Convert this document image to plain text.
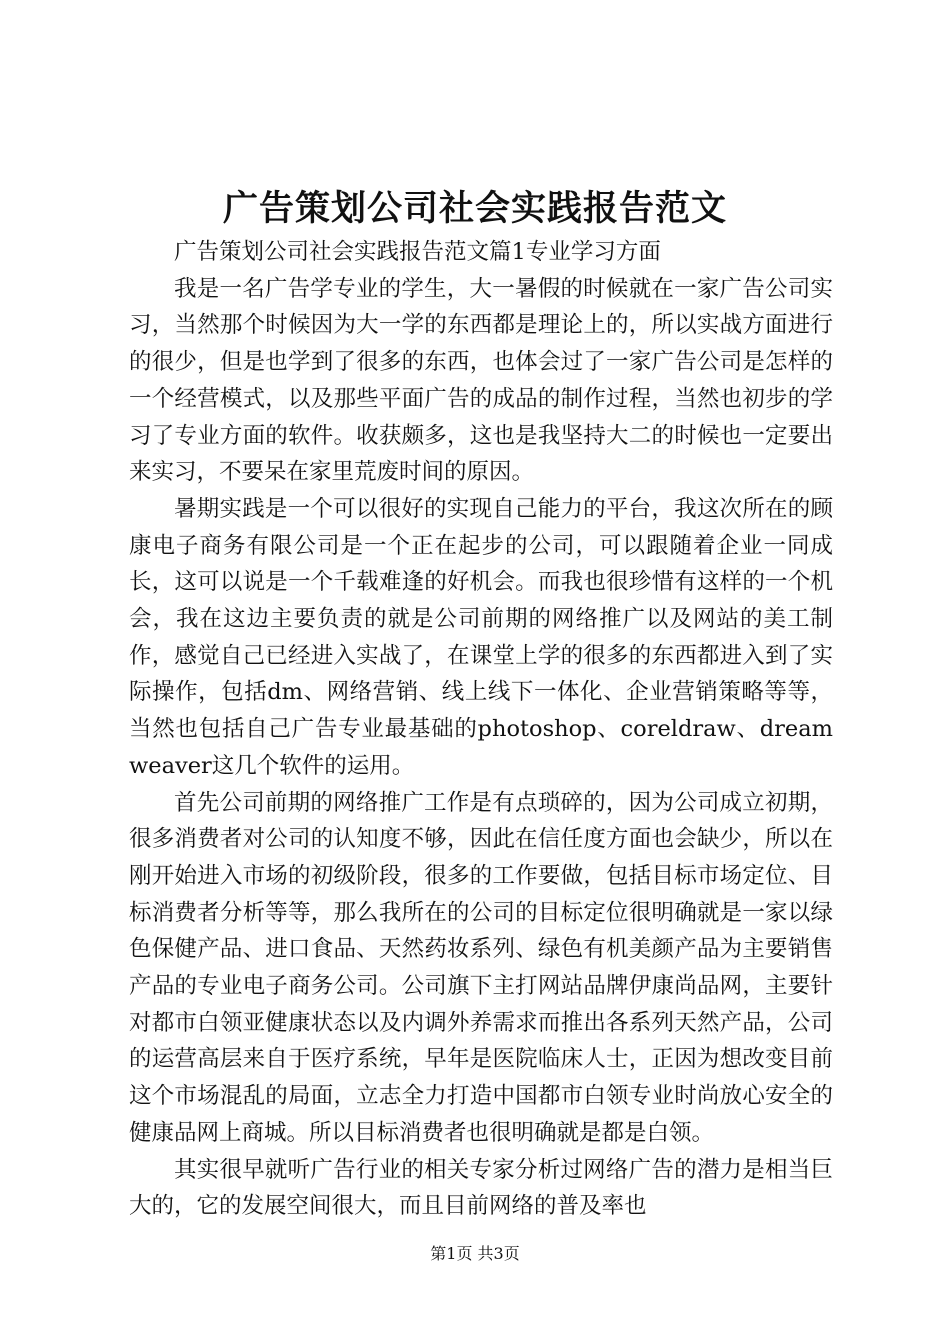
广告策划公司社会实践报告范文

广告策划公司社会实践报告范文篇1专业学习方面

我是一名广告学专业的学生，大一暑假的时候就在一家广告公司实习，当然那个时候因为大一学的东西都是理论上的，所以实战方面进行的很少，但是也学到了很多的东西，也体会过了一家广告公司是怎样的一个经营模式，以及那些平面广告的成品的制作过程，当然也初步的学习了专业方面的软件。收获颇多，这也是我坚持大二的时候也一定要出来实习，不要呆在家里荒废时间的原因。

暑期实践是一个可以很好的实现自己能力的平台，我这次所在的顾康电子商务有限公司是一个正在起步的公司，可以跟随着企业一同成长，这可以说是一个千载难逢的好机会。而我也很珍惜有这样的一个机会，我在这边主要负责的就是公司前期的网络推广以及网站的美工制作，感觉自己已经进入实战了，在课堂上学的很多的东西都进入到了实际操作，包括dm、网络营销、线上线下一体化、企业营销策略等等，当然也包括自己广告专业最基础的photoshop、coreldraw、dreamweaver这几个软件的运用。

首先公司前期的网络推广工作是有点琐碎的，因为公司成立初期，很多消费者对公司的认知度不够，因此在信任度方面也会缺少，所以在刚开始进入市场的初级阶段，很多的工作要做，包括目标市场定位、目标消费者分析等等，那么我所在的公司的目标定位很明确就是一家以绿色保健产品、进口食品、天然药妆系列、绿色有机美颜产品为主要销售产品的专业电子商务公司。公司旗下主打网站品牌伊康尚品网，主要针对都市白领亚健康状态以及内调外养需求而推出各系列天然产品，公司的运营高层来自于医疗系统，早年是医院临床人士，正因为想改变目前这个市场混乱的局面，立志全力打造中国都市白领专业时尚放心安全的健康品网上商城。所以目标消费者也很明确就是都是白领。

其实很早就听广告行业的相关专家分析过网络广告的潜力是相当巨大的，它的发展空间很大，而且目前网络的普及率也

第1页 共3页
